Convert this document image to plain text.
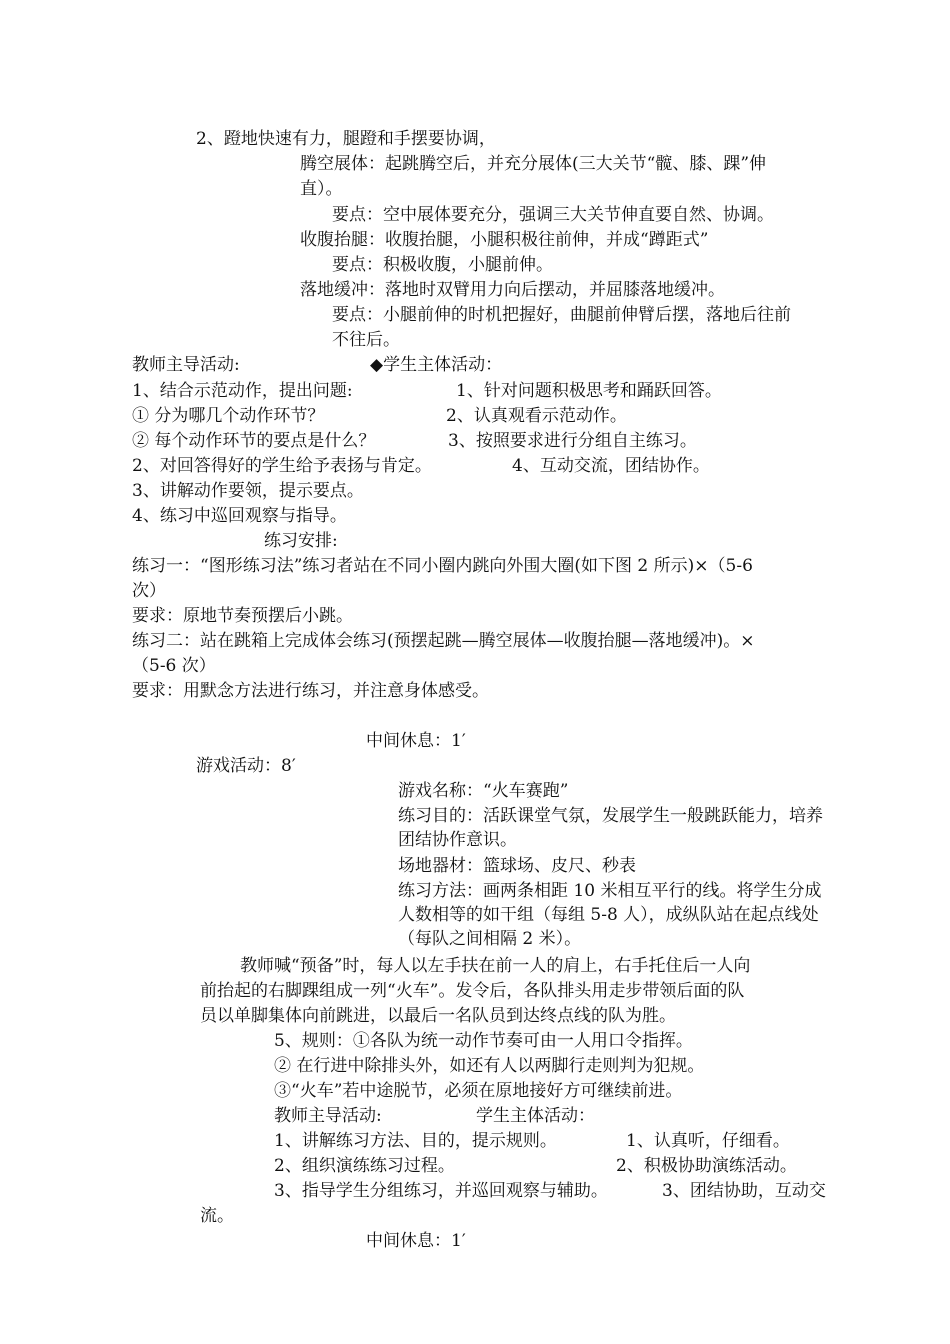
2、蹬地快速有力，腿蹬和手摆要协调，

腾空展体：起跳腾空后，并充分展体(三大关节“髋、膝、踝”伸

直）。

要点：空中展体要充分，强调三大关节伸直要自然、协调。

收腹抬腿：收腹抬腿，小腿积极往前伸，并成“蹲距式”

要点：积极收腹，小腿前伸。

落地缓冲：落地时双臂用力向后摆动，并屈膝落地缓冲。

要点：小腿前伸的时机把握好，曲腿前伸臂后摆，落地后往前

不往后。

教师主导活动:	◆学生主体活动：
1、结合示范动作，提出问题:	1、针对问题积极思考和踊跃回答。
① 分为哪几个动作环节？	2、认真观看示范动作。
② 每个动作环节的要点是什么？	3、按照要求进行分组自主练习。
2、对回答得好的学生给予表扬与肯定。	4、互动交流，团结协作。
3、讲解动作要领，提示要点。
4、练习中巡回观察与指导。

练习安排:

练习一：“图形练习法”练习者站在不同小圈内跳向外围大圈(如下图 2 所示)×（5-6

次）

要求：原地节奏预摆后小跳。

练习二：站在跳箱上完成体会练习(预摆起跳—腾空展体—收腹抬腿—落地缓冲)。×

（5-6 次）

要求：用默念方法进行练习，并注意身体感受。

中间休息：1′

游戏活动：8′

游戏名称：“火车赛跑”

练习目的：活跃课堂气氛，发展学生一般跳跃能力，培养团结协作意识。

场地器材：篮球场、皮尺、秒表

练习方法：画两条相距 10 米相互平行的线。将学生分成人数相等的如干组（每组 5-8 人），成纵队站在起点线处（每队之间相隔 2 米）。

教师喊“预备”时，每人以左手扶在前一人的肩上，右手托住后一人向

前抬起的右脚踝组成一列“火车”。发令后，各队排头用走步带领后面的队

员以单脚集体向前跳进，以最后一名队员到达终点线的队为胜。

5、规则：①各队为统一动作节奏可由一人用口令指挥。

② 在行进中除排头外，如还有人以两脚行走则判为犯规。

③“火车”若中途脱节，必须在原地接好方可继续前进。

教师主导活动:	学生主体活动：
1、讲解练习方法、目的，提示规则。	1、认真听，仔细看。
2、组织演练练习过程。	2、积极协助演练活动。
3、指导学生分组练习，并巡回观察与辅助。	3、团结协助，互动交
流。

中间休息：1′
